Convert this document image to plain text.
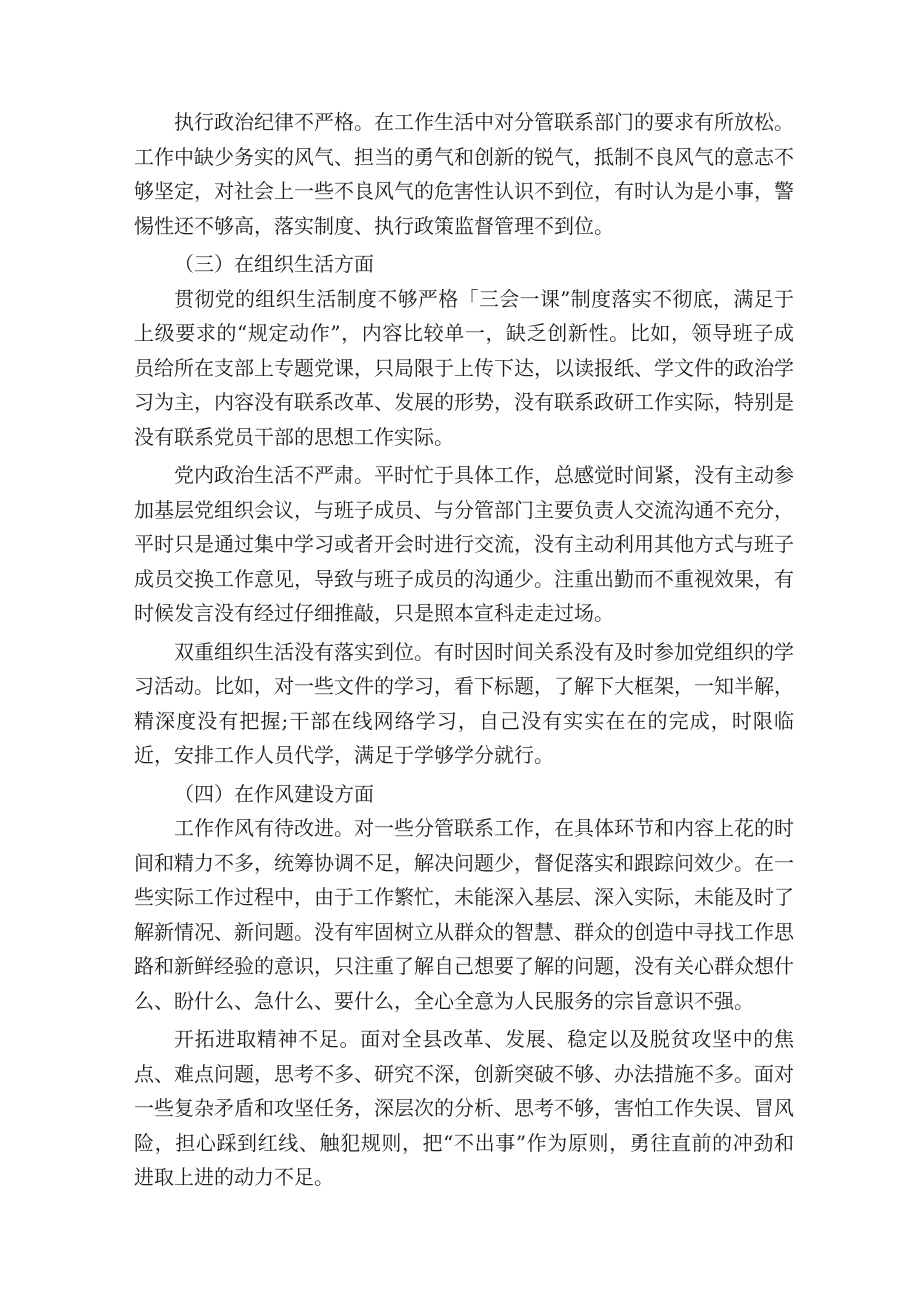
执行政治纪律不严格。在工作生活中对分管联系部门的要求有所放松。工作中缺少务实的风气、担当的勇气和创新的锐气，抵制不良风气的意志不够坚定，对社会上一些不良风气的危害性认识不到位，有时认为是小事，警惕性还不够高，落实制度、执行政策监督管理不到位。

（三）在组织生活方面

贯彻党的组织生活制度不够严格「三会一课”制度落实不彻底，满足于上级要求的“规定动作”，内容比较单一，缺乏创新性。比如，领导班子成员给所在支部上专题党课，只局限于上传下达，以读报纸、学文件的政治学习为主，内容没有联系改革、发展的形势，没有联系政研工作实际，特别是没有联系党员干部的思想工作实际。

党内政治生活不严肃。平时忙于具体工作，总感觉时间紧，没有主动参加基层党组织会议，与班子成员、与分管部门主要负责人交流沟通不充分，平时只是通过集中学习或者开会时进行交流，没有主动利用其他方式与班子成员交换工作意见，导致与班子成员的沟通少。注重出勤而不重视效果，有时候发言没有经过仔细推敲，只是照本宣科走走过场。

双重组织生活没有落实到位。有时因时间关系没有及时参加党组织的学习活动。比如，对一些文件的学习，看下标题，了解下大框架，一知半解，精深度没有把握;干部在线网络学习，自己没有实实在在的完成，时限临近，安排工作人员代学，满足于学够学分就行。

（四）在作风建设方面

工作作风有待改进。对一些分管联系工作，在具体环节和内容上花的时间和精力不多，统筹协调不足，解决问题少，督促落实和跟踪问效少。在一些实际工作过程中，由于工作繁忙，未能深入基层、深入实际，未能及时了解新情况、新问题。没有牢固树立从群众的智慧、群众的创造中寻找工作思路和新鲜经验的意识，只注重了解自己想要了解的问题，没有关心群众想什么、盼什么、急什么、要什么，全心全意为人民服务的宗旨意识不强。

开拓进取精神不足。面对全县改革、发展、稳定以及脱贫攻坚中的焦点、难点问题，思考不多、研究不深，创新突破不够、办法措施不多。面对一些复杂矛盾和攻坚任务，深层次的分析、思考不够，害怕工作失误、冒风险，担心踩到红线、触犯规则，把“不出事”作为原则，勇往直前的冲劲和进取上进的动力不足。
